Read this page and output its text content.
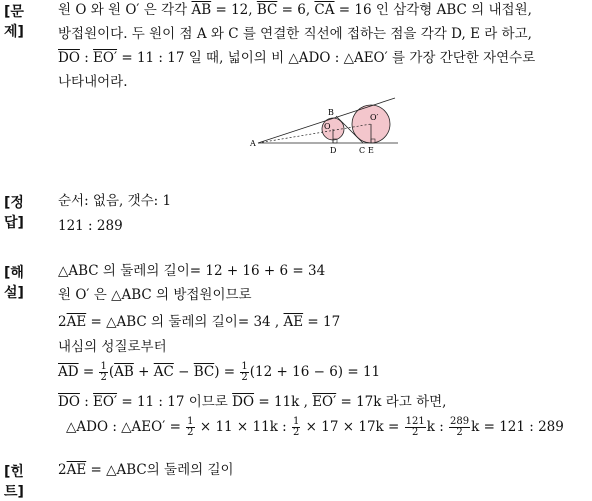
[문제]
원 O 와 원 O′ 은 각각 $\overline{AB} = 12$, $\overline{BC} = 6$, $\overline{CA} = 16$ 인 삼각형 ABC 의 내접원,
방접원이다. 두 원이 점 A 와 C 를 연결한 직선에 접하는 점을 각각 D, E 라 하고,
$\overline{DO}$ : EO′ = 11 : 17 일 때, 넓이의 비 △ADO : △AEO′ 를 가장 간단한 자연수로
나타내어라.
A
B
C
D	E
O
O′
[정답]
순서: 없음, 갯수: 1
121 : 289
[해설]
△ABC 의 둘레의 길이= 12 + 16 + 6 = 34
원 O′ 은 △ABC 의 방접원이므로
$2\overline{AE}$ = △ABC 의 둘레의 길이= 34 , $\overline{AE} = 17$
내심의 성질로부터
$\overline{AD} = \frac{1}{2} (\overline{AB} + \overline{AC} - \overline{BC}) = \frac{1}{2} (12 + 16 - 6) = 11$
$\overline{DO}$ : EO′ = 11 : 17 이므로 $\overline{DO} = 11k$ , EO′ = 17k 라고 하면,
△ADO : △AEO′ = $\frac{1}{2} \times 11 \times 11k$ : $\frac{1}{2} \times 17 \times 17k = \frac{121}{2}$ k : $\frac{289}{2}$ k = 121 : 289
[힌트]
$2\overline{AE}$ = △ABC의 둘레의 길이
